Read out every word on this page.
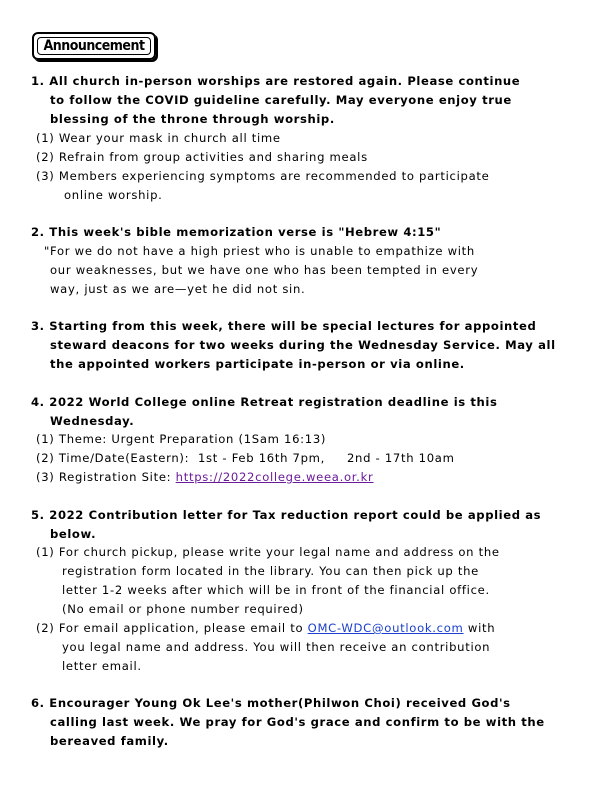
Announcement
1. All church in-person worships are restored again. Please continue
to follow the COVID guideline carefully. May everyone enjoy true
blessing of the throne through worship.
(1) Wear your mask in church all time
(2) Refrain from group activities and sharing meals
(3) Members experiencing symptoms are recommended to participate
online worship.
2. This week's bible memorization verse is "Hebrew 4:15"
"For we do not have a high priest who is unable to empathize with
our weaknesses, but we have one who has been tempted in every
way, just as we are—yet he did not sin.
3. Starting from this week, there will be special lectures for appointed
steward deacons for two weeks during the Wednesday Service. May all
the appointed workers participate in-person or via online.
4. 2022 World College online Retreat registration deadline is this
Wednesday.
(1) Theme: Urgent Preparation (1Sam 16:13)
(2) Time/Date(Eastern):  1st - Feb 16th 7pm,     2nd - 17th 10am
(3) Registration Site: https://2022college.weea.or.kr
5. 2022 Contribution letter for Tax reduction report could be applied as
below.
(1) For church pickup, please write your legal name and address on the
registration form located in the library. You can then pick up the
letter 1-2 weeks after which will be in front of the financial office.
(No email or phone number required)
(2) For email application, please email to OMC-WDC@outlook.com with
you legal name and address. You will then receive an contribution
letter email.
6. Encourager Young Ok Lee's mother(Philwon Choi) received God's
calling last week. We pray for God's grace and confirm to be with the
bereaved family.
